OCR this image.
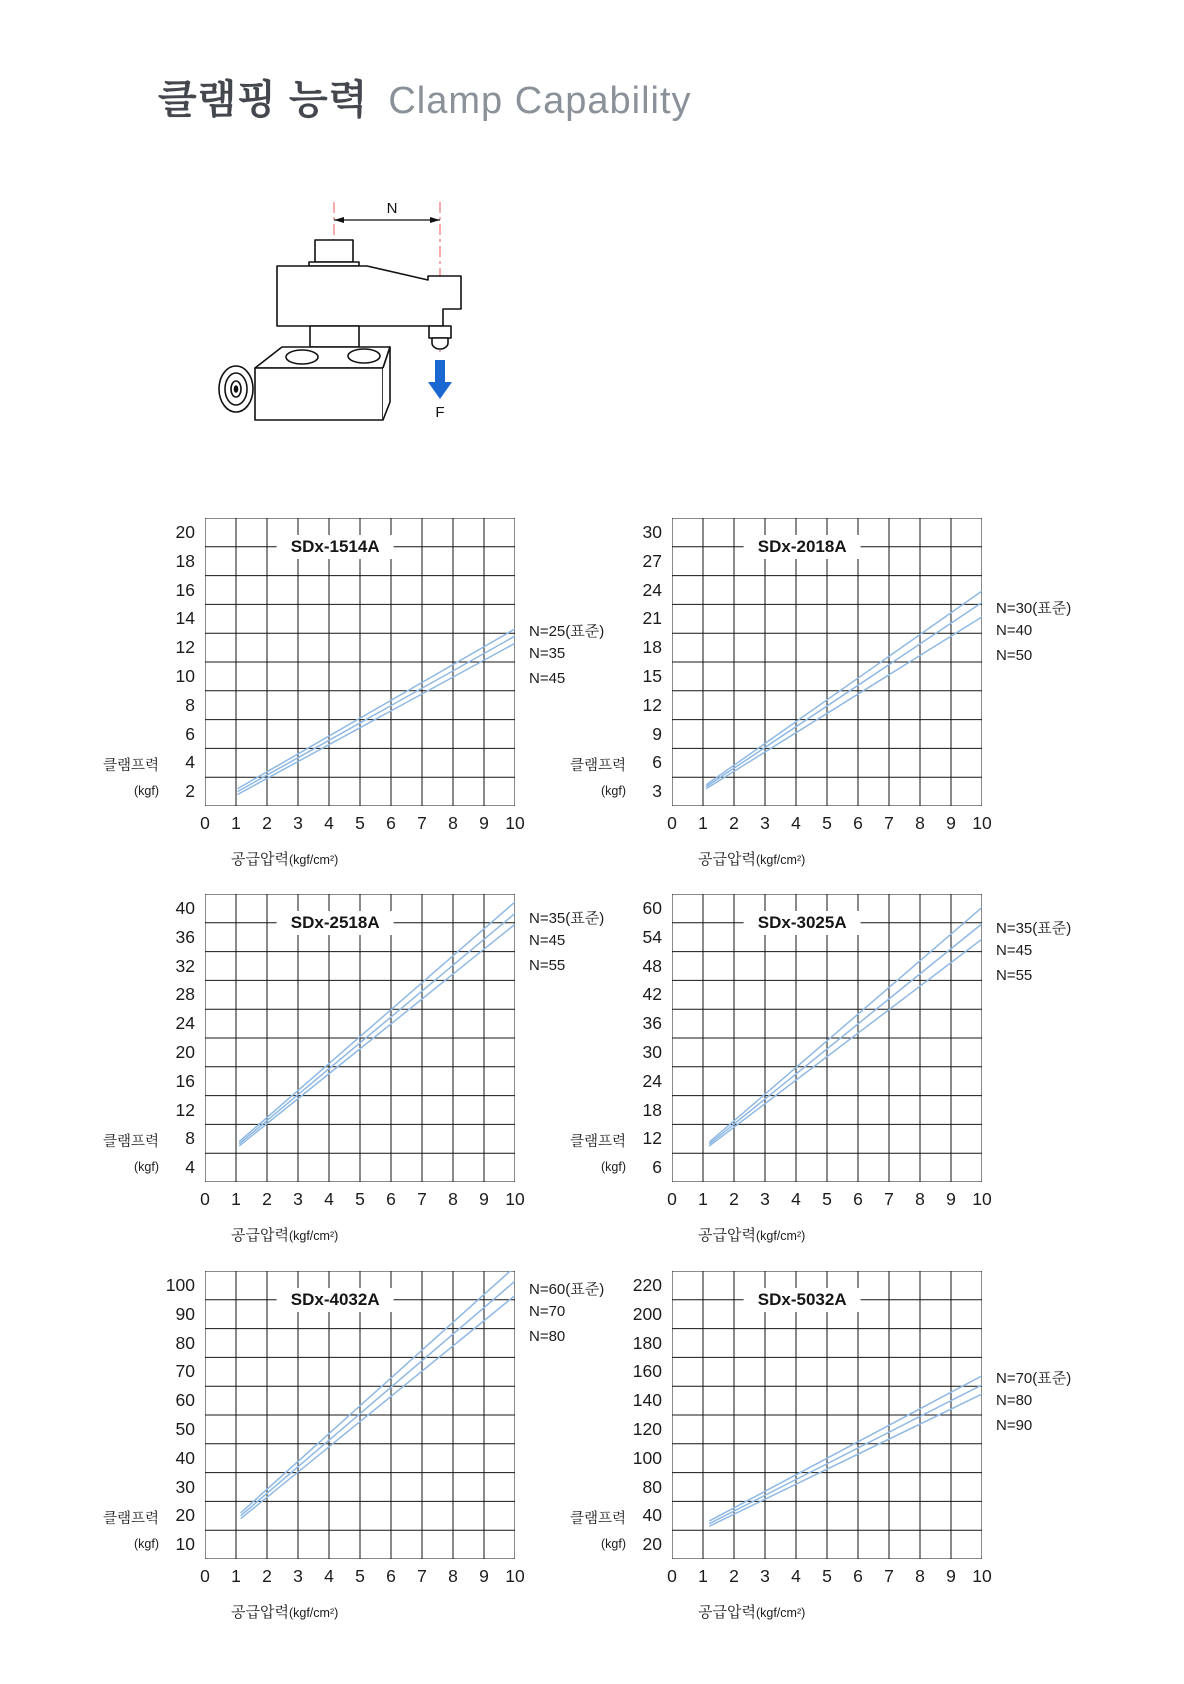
클램핑 능력 Clamp Capability
N
F
SDx-1514A
20
18
16
14
12
10
8
6
4
2
0	1	2	3	4	5	6	7	8	9 10
클램프력
(kgf)
공급압력(kgf/cm²)
N=25(표준)
N=35
N=45
SDx-2018A
30
27
24
21
18
15
12
9
6
3
0	1	2	3	4	5	6	7	8	9 10
클램프력
(kgf)
공급압력(kgf/cm²)
N=30(표준)
N=40
N=50
SDx-2518A
40
36
32
28
24
20
16
12
8
4
0	1	2	3	4	5	6	7	8	9 10
클램프력
(kgf)
공급압력(kgf/cm²)
N=35(표준)
N=45
N=55
SDx-3025A
60
54
48
42
36
30
24
18
12
6
0	1	2	3	4	5	6	7	8	9 10
클램프력
(kgf)
공급압력(kgf/cm²)
N=35(표준)
N=45
N=55
SDx-4032A
100
90
80
70
60
50
40
30
20
10
0	1	2	3	4	5	6	7	8	9 10
클램프력
(kgf)
공급압력(kgf/cm²)
N=60(표준)
N=70
N=80
SDx-5032A
220
200
180
160
140
120
100
80
40
20
0	1	2	3	4	5	6	7	8	9 10
클램프력
(kgf)
공급압력(kgf/cm²)
N=70(표준)
N=80
N=90
